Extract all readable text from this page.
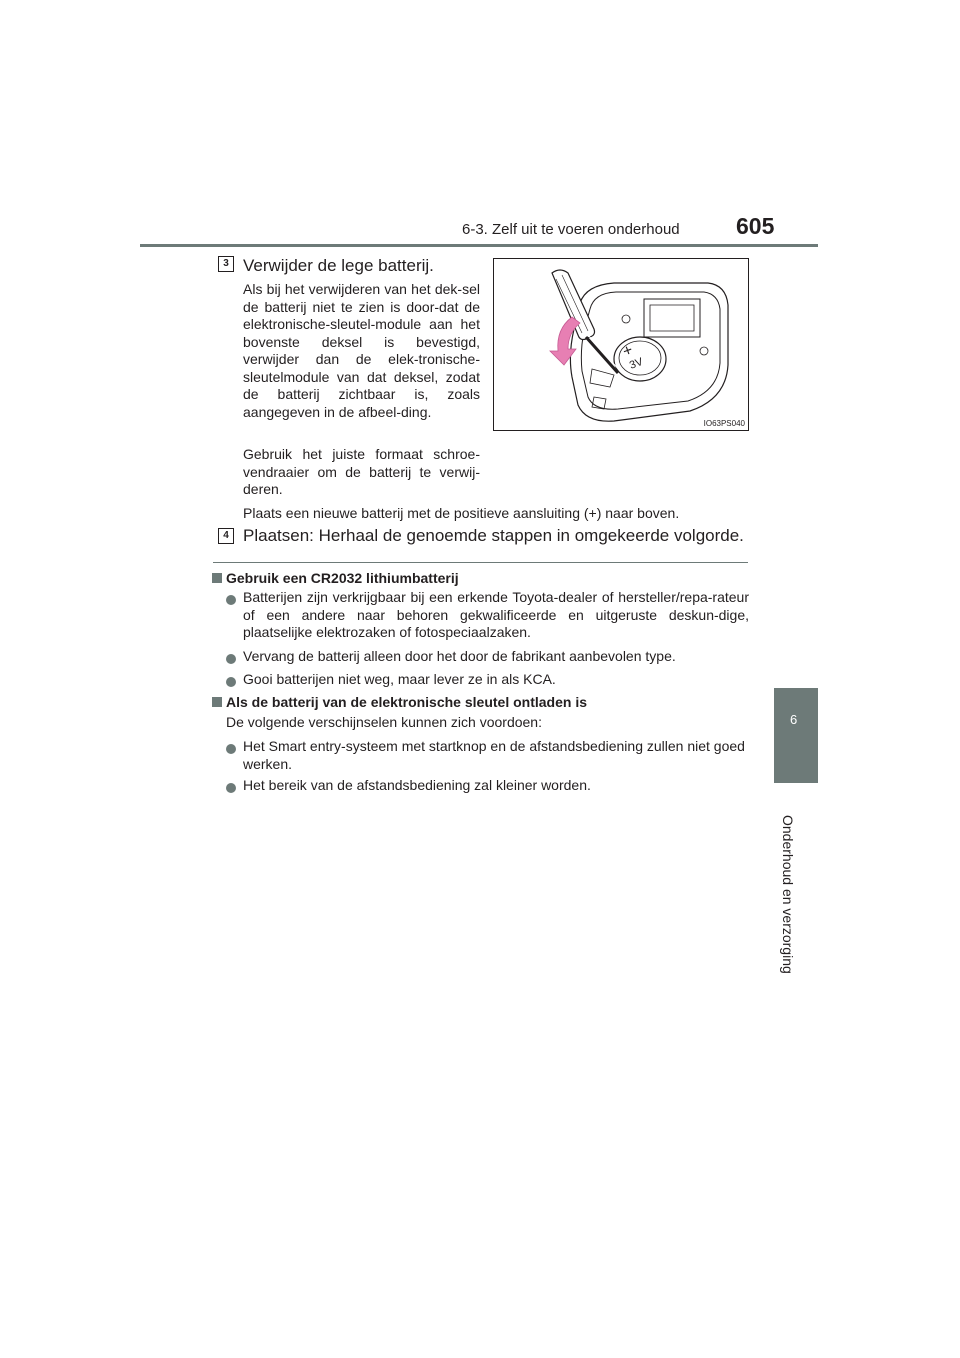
6-3. Zelf uit te voeren onderhoud 605
6
Onderhoud en verzorging
3 Verwijder de lege batterij.
Als bij het verwijderen van het dek-sel de batterij niet te zien is door-dat de elektronische-sleutel-module aan het bovenste deksel is bevestigd, verwijder dan de elek-tronische-sleutelmodule van dat deksel, zodat de batterij zichtbaar is, zoals aangegeven in de afbeel-ding.
Gebruik het juiste formaat schroe-vendraaier om de batterij te verwij-deren.
Plaats een nieuwe batterij met de positieve aansluiting (+) naar boven.
+
3V
IO63PS040
4 Plaatsen: Herhaal de genoemde stappen in omgekeerde volgorde.
Gebruik een CR2032 lithiumbatterij
Batterijen zijn verkrijgbaar bij een erkende Toyota-dealer of hersteller/repa-rateur of een andere naar behoren gekwalificeerde en uitgeruste deskun-dige, plaatselijke elektrozaken of fotospeciaalzaken.
Vervang de batterij alleen door het door de fabrikant aanbevolen type.
Gooi batterijen niet weg, maar lever ze in als KCA.
Als de batterij van de elektronische sleutel ontladen is
De volgende verschijnselen kunnen zich voordoen:
Het Smart entry-systeem met startknop en de afstandsbediening zullen niet goed werken.
Het bereik van de afstandsbediening zal kleiner worden.
